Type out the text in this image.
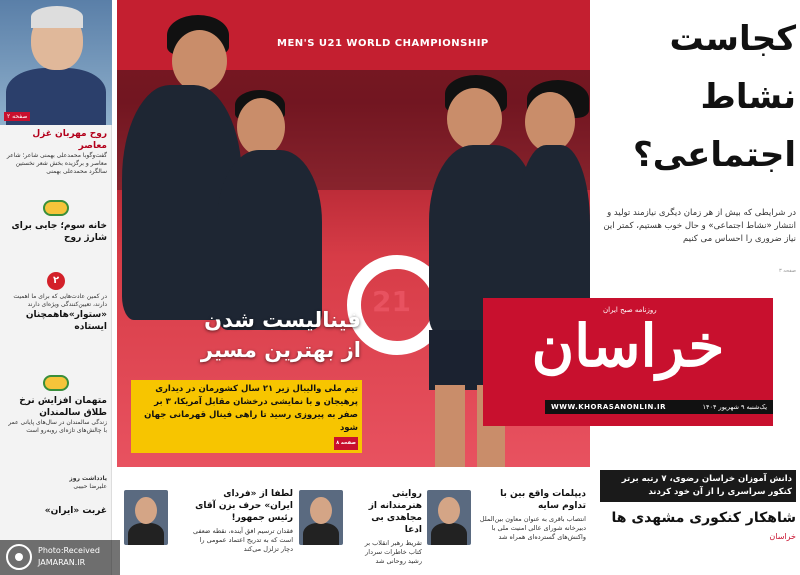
صفحه ۲
روح مهربان غزل معاصر
گفت‌وگوبا محمدعلی بهمنی شاعر؛ شاعر معاصر و برگزیده بخش شعر نخستین سالگرد محمدعلی بهمنی
خانه سوم؛ جایی برای شارژ روح
۲
در کمین عادت‌هایی که برای ما اهمیت دارند، تعیین‌کنندگی ویژه‌ای دارند
«ستوار»هاهمچنان ایستاده
متهمان افزایش نرخ طلاق سالمندان
زندگی سالمندان در سال‌های پایانی عمر با چالش‌های تازه‌ای روبه‌رو است
یادداشت روز
علیرضا حبیبی
غربت «ایران»
MEN'S U21 WORLD CHAMPIONSHIP
21
فینالیست شدن
از بهترین مسیر
تیم ملی والیبال زیر ۲۱ سال کشورمان در دیداری پرهیجان و با نمایشی درخشان مقابل آمریکا، ۳ بر صفر به پیروزی رسید تا راهی فینال قهرمانی جهان شود
صفحه ۸
کجاست
نشاط
اجتماعی؟
در شرایطی که بیش از هر زمان دیگری نیازمند تولید و انتشار «نشاط اجتماعی» و حال خوب هستیم، کمتر این نیاز ضروری را احساس می کنیم
صفحه ۳
روزنامه صبح ایران
خراسان
WWW.KHORASANONLIN.IR	یک‌شنبه ۹ شهریور ۱۴۰۴

دیپلمات واقع بین با تداوم سایه
انتصاب باقری به عنوان معاون بین‌الملل دبیرخانه شورای عالی امنیت ملی با واکنش‌های گسترده‌ای همراه شد
روایتی هنرمندانه از مجاهدی بی ادعا
تقریظ رهبر انقلاب بر کتاب خاطرات سردار رشید روحانی شد
لطفا از «فردای ایران» حرف بزن آقای رئیس جمهور!
فقدان ترسیم افق آینده، نقطه ضعفی است که به تدریج اعتماد عمومی را دچار تزلزل می‌کند
دانش آموزان خراسان رضوی، ۷ رتبه برتر کنکور سراسری را از آن خود کردند
شاهکار کنکوری مشهدی ها
خراسان
Photo:Received
JAMARAN.IR
